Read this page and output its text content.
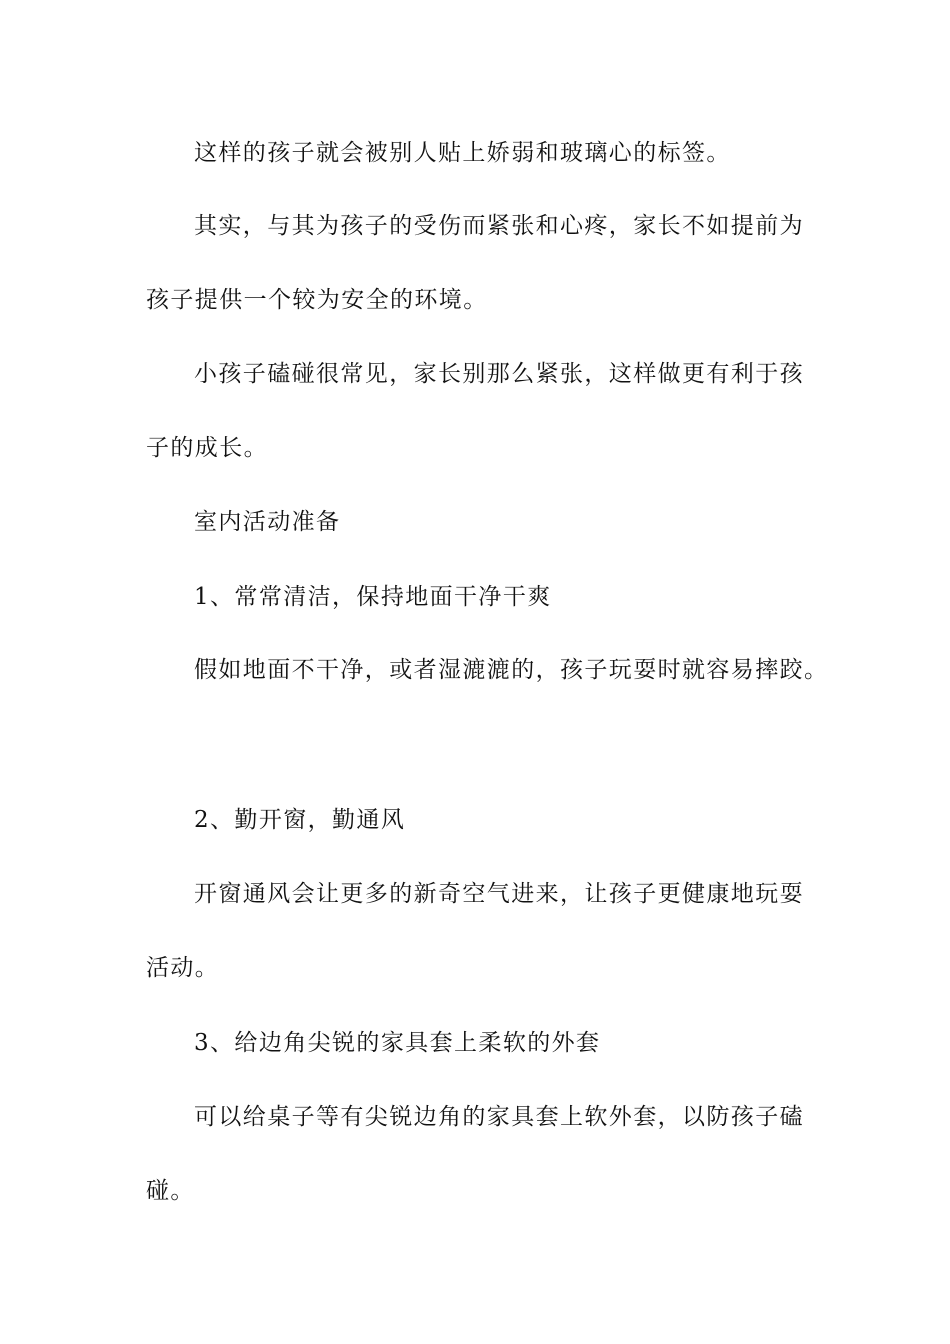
这样的孩子就会被别人贴上娇弱和玻璃心的标签。
其实，与其为孩子的受伤而紧张和心疼，家长不如提前为
孩子提供一个较为安全的环境。
小孩子磕碰很常见，家长别那么紧张，这样做更有利于孩
子的成长。
室内活动准备
1、常常清洁，保持地面干净干爽
假如地面不干净，或者湿漉漉的，孩子玩耍时就容易摔跤。
2、勤开窗，勤通风
开窗通风会让更多的新奇空气进来，让孩子更健康地玩耍
活动。
3、给边角尖锐的家具套上柔软的外套
可以给桌子等有尖锐边角的家具套上软外套，以防孩子磕
碰。
